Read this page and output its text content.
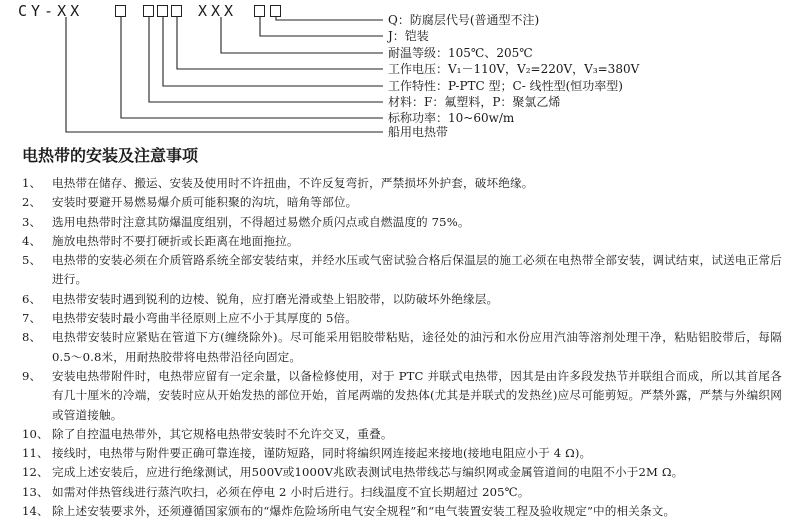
CY-XX	XXX	Q：防腐层代号(普通型不注)
J：铠装
耐温等级：105℃、205℃
工作电压：V₁－110V，V₂=220V，V₃=380V
工作特性：P-PTC 型；C- 线性型(恒功率型)
材料：F：氟塑料，P：聚氯乙烯
标称功率：10~60w/m
船用电热带
电热带的安装及注意事项
1、 电热带在储存、搬运、安装及使用时不许扭曲，不许反复弯折，严禁损坏外护套，破坏绝缘。
2、 安装时要避开易燃易爆介质可能积聚的沟坑，暗角等部位。
3、 选用电热带时注意其防爆温度组别，不得超过易燃介质闪点或自燃温度的 75%。
4、 施放电热带时不要打硬折或长距离在地面拖拉。
5、 电热带的安装必须在介质管路系统全部安装结束，并经水压或气密试验合格后保温层的施工必须在电热带全部安装，调试结束，试送电正常后进行。
6、 电热带安装时遇到锐利的边棱、锐角，应打磨光滑或垫上铝胶带，以防破坏外绝缘层。
7、 电热带安装时最小弯曲半径原则上应不小于其厚度的 5倍。
8、 电热带安装时应紧贴在管道下方(缠绕除外)。尽可能采用铝胶带粘贴，途径处的油污和水份应用汽油等溶剂处理干净，粘贴铝胶带后，每隔 0.5～0.8米，用耐热胶带将电热带沿径向固定。
9、 安装电热带附件时，电热带应留有一定余量，以备检修使用，对于 PTC 并联式电热带，因其是由许多段发热节并联组合而成，所以其首尾各有几十厘米的冷端，安装时应从开始发热的部位开始，首尾两端的发热体(尤其是并联式的发热丝)应尽可能剪短。严禁外露，严禁与外编织网或管道接触。
10、 除了自控温电热带外，其它规格电热带安装时不允许交叉，重叠。
11、 接线时，电热带与附件要正确可靠连接，谨防短路，同时将编织网连接起来接地(接地电阻应小于 4 Ω)。
12、 完成上述安装后，应进行绝缘测试，用500V或1000V兆欧表测试电热带线芯与编织网或金属管道间的电阻不小于2M Ω。
13、 如需对伴热管线进行蒸汽吹扫，必须在停电 2 小时后进行。扫线温度不宜长期超过 205℃。
14、 除上述安装要求外，还须遵循国家颁布的“爆炸危险场所电气安全规程”和“电气装置安装工程及验收规定”中的相关条文。
